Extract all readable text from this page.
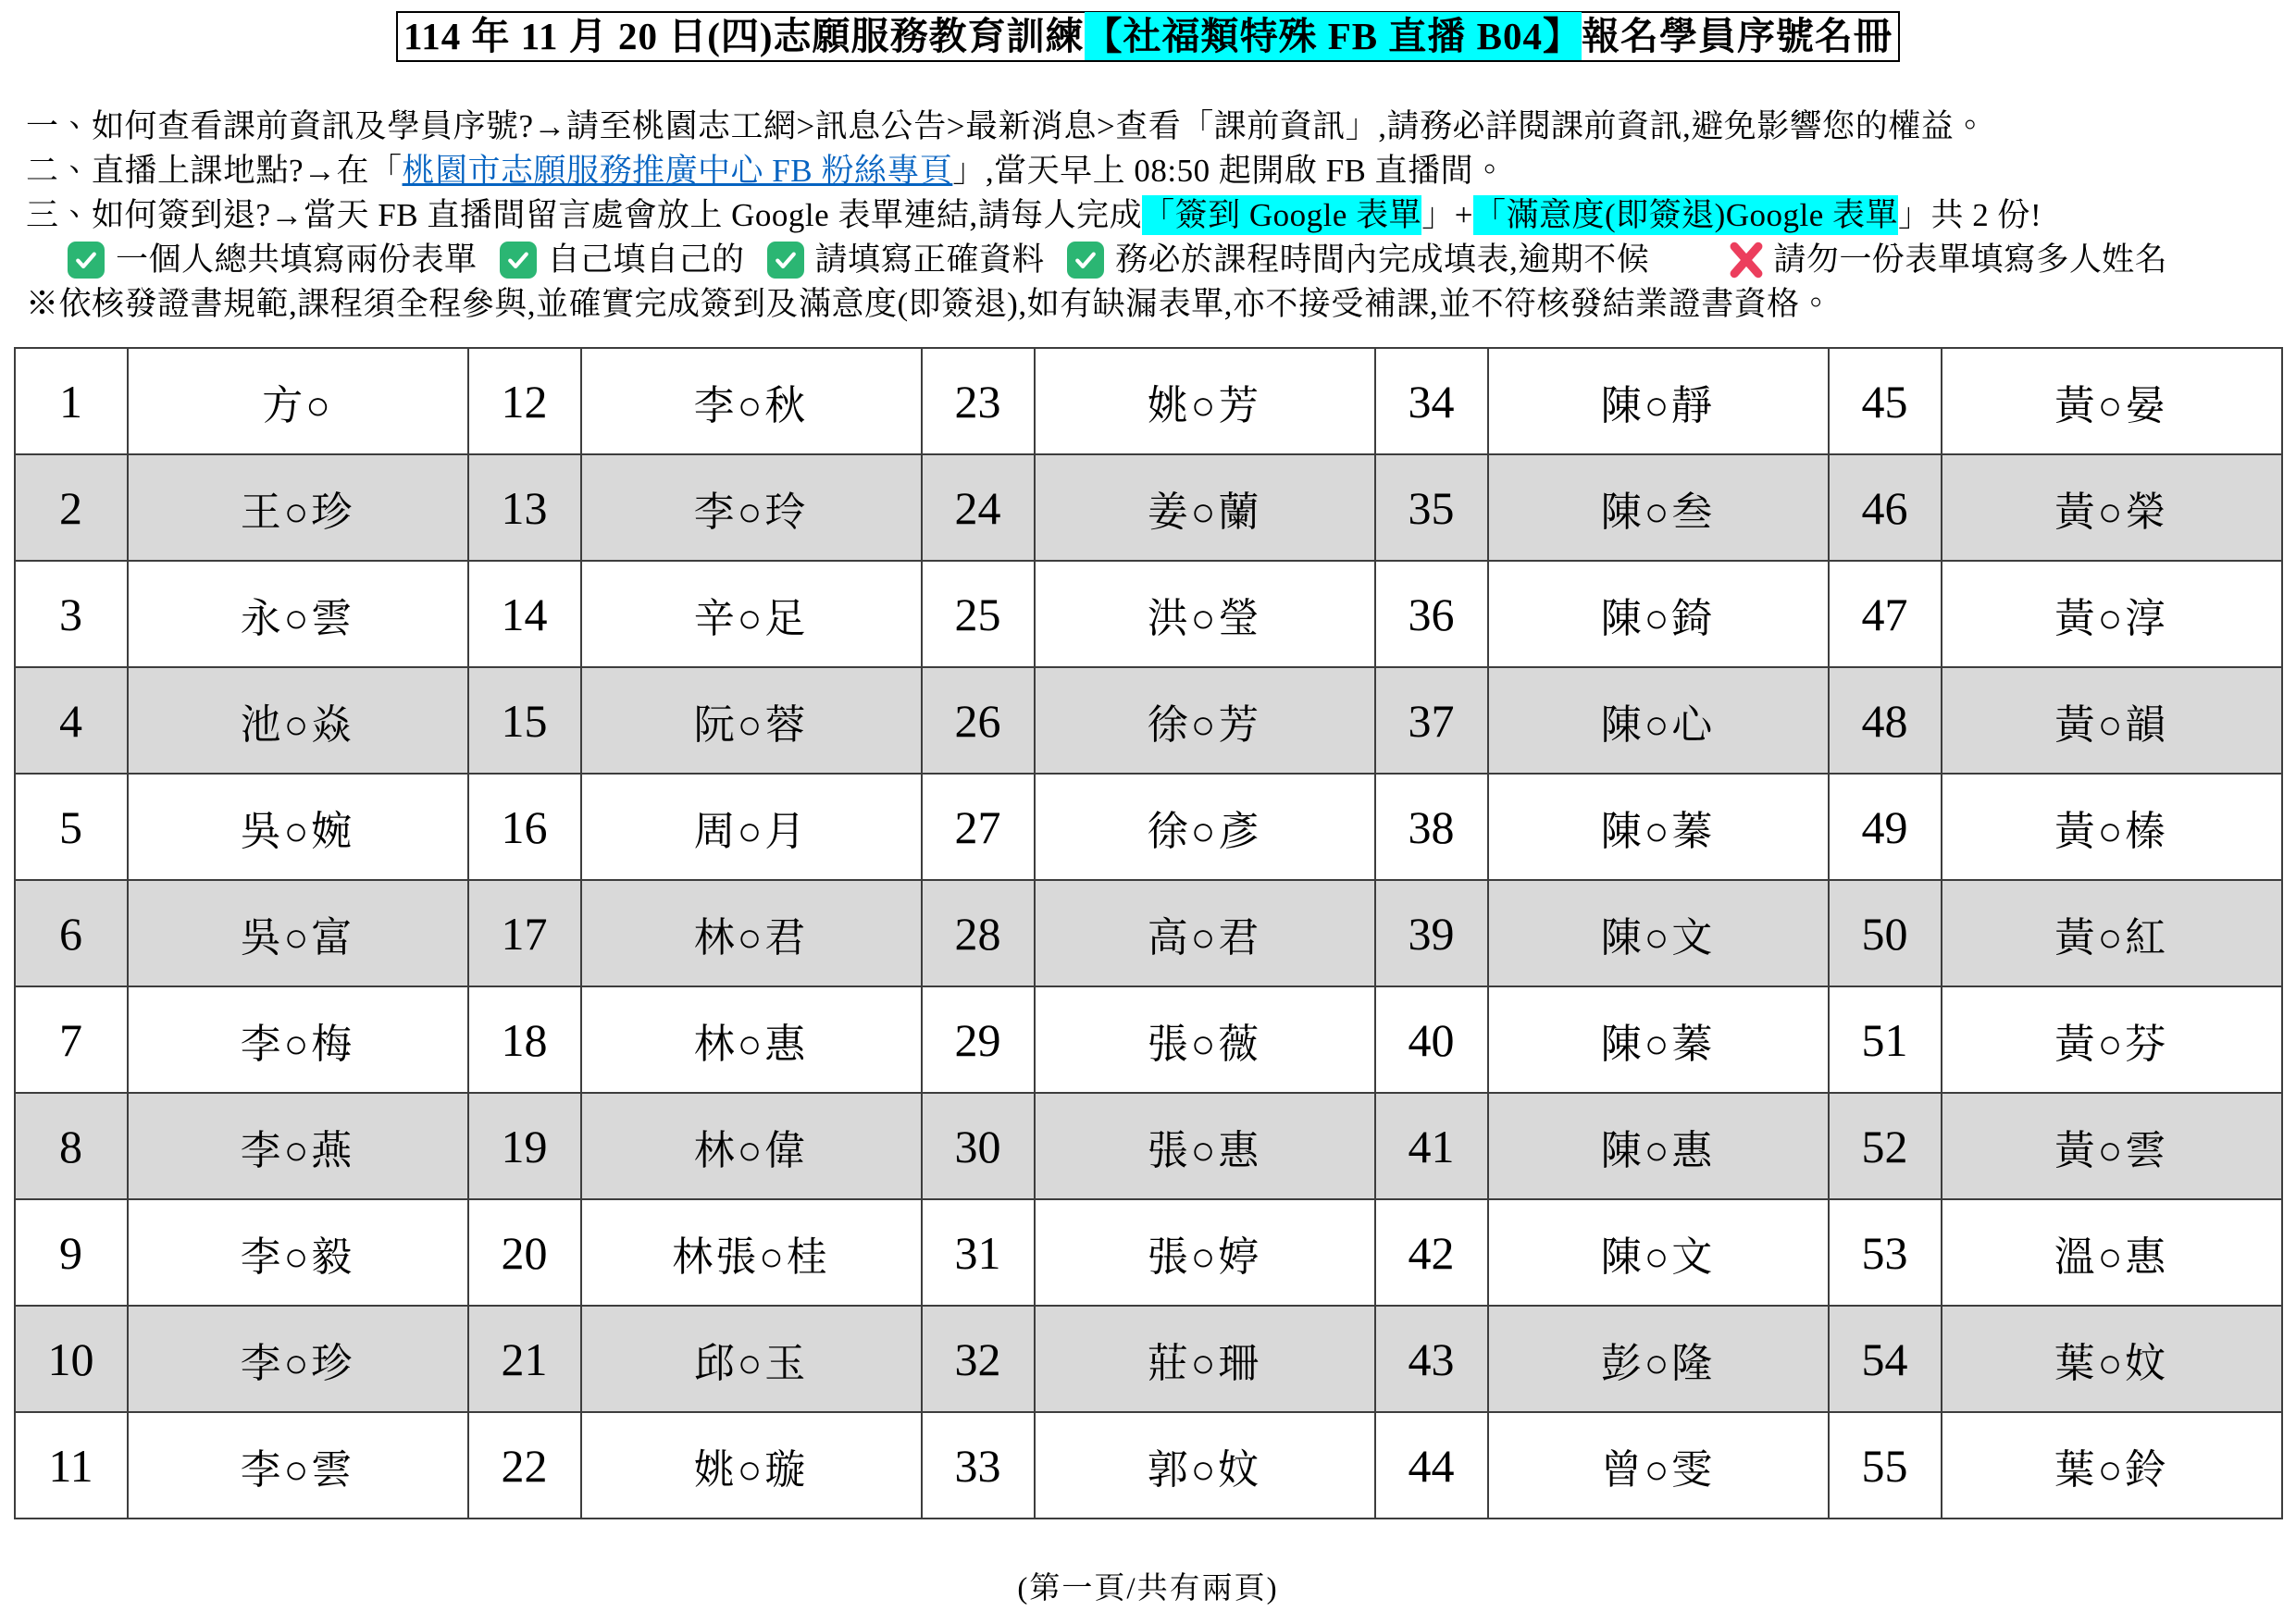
114 年 11 月 20 日(四)志願服務教育訓練【社福類特殊 FB 直播 B04】報名學員序號名冊

一、如何查看課前資訊及學員序號?→請至桃園志工網>訊息公告>最新消息>查看「課前資訊」,請務必詳閱課前資訊,避免影響您的權益。

二、直播上課地點?→在「桃園市志願服務推廣中心 FB 粉絲專頁」,當天早上 08:50 起開啟 FB 直播間。

三、如何簽到退?→當天 FB 直播間留言處會放上 Google 表單連結,請每人完成「簽到 Google 表單」+「滿意度(即簽退)Google 表單」共 2 份!

一個人總共填寫兩份表單 自己填自己的 請填寫正確資料 務必於課程時間內完成填表,逾期不候	請勿一份表單填寫多人姓名

※依核發證書規範,課程須全程參與,並確實完成簽到及滿意度(即簽退),如有缺漏表單,亦不接受補課,並不符核發結業證書資格。

1	方○	12	李○秋	23	姚○芳	34	陳○靜	45	黃○晏
2	王○珍	13	李○玲	24	姜○蘭	35	陳○叁	46	黃○榮
3	永○雲	14	辛○足	25	洪○瑩	36	陳○錡	47	黃○淳
4	池○焱	15	阮○蓉	26	徐○芳	37	陳○心	48	黃○韻
5	吳○婉	16	周○月	27	徐○彥	38	陳○蓁	49	黃○榛
6	吳○富	17	林○君	28	高○君	39	陳○文	50	黃○紅
7	李○梅	18	林○惠	29	張○薇	40	陳○蓁	51	黃○芬
8	李○燕	19	林○偉	30	張○惠	41	陳○惠	52	黃○雲
9	李○毅	20	林張○桂	31	張○婷	42	陳○文	53	溫○惠
10	李○珍	21	邱○玉	32	莊○珊	43	彭○隆	54	葉○妏
11	李○雲	22	姚○璇	33	郭○妏	44	曾○雯	55	葉○鈴
(第一頁/共有兩頁)
